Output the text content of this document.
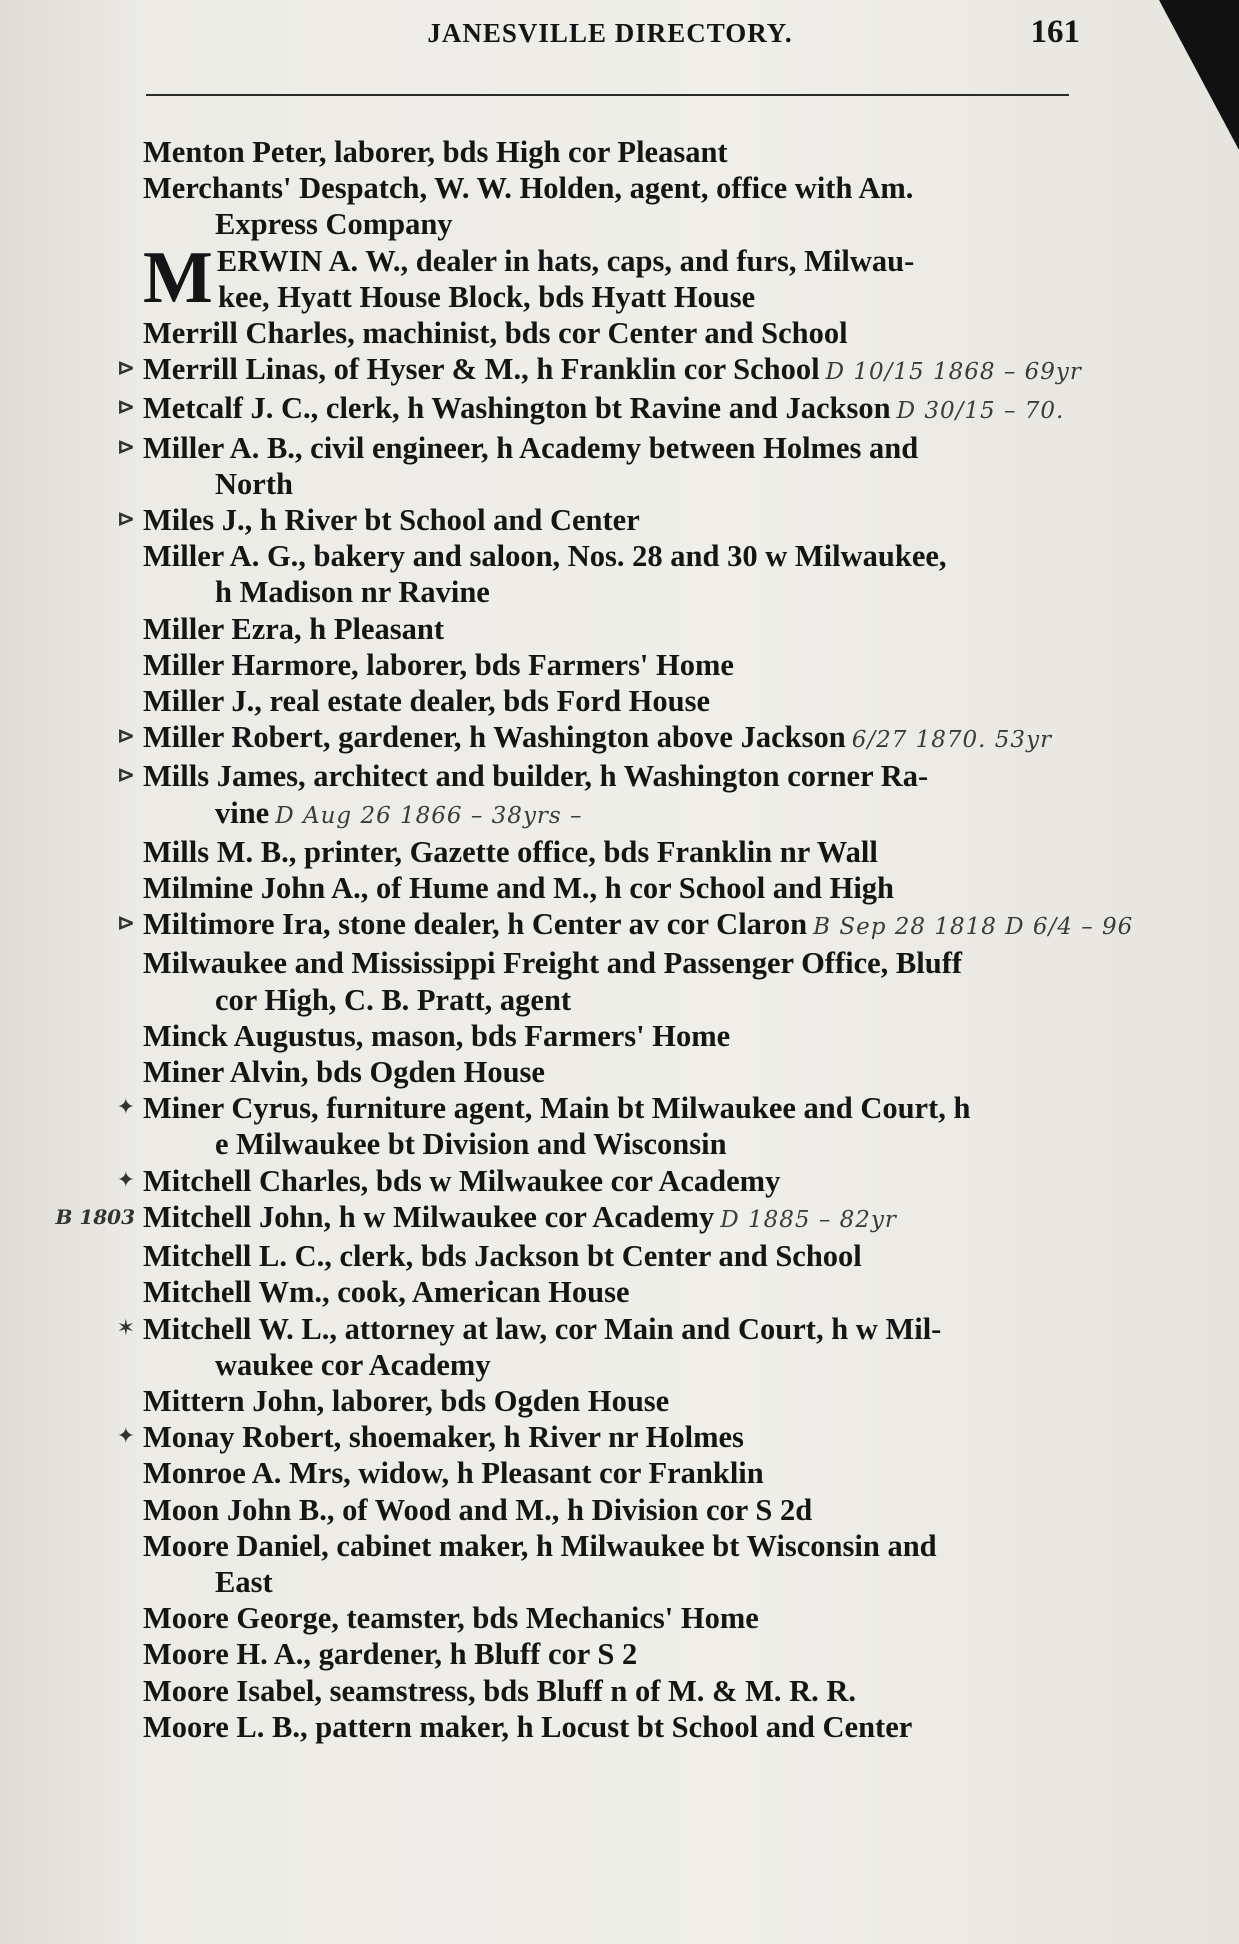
JANESVILLE DIRECTORY.	161
Menton Peter, laborer, bds High cor Pleasant
Merchants' Despatch, W. W. Holden, agent, office with Am.
Express Company
M ERWIN A. W., dealer in hats, caps, and furs, Milwau-
kee, Hyatt House Block, bds Hyatt House
Merrill Charles, machinist, bds cor Center and School
⊳ Merrill Linas, of Hyser & M., h Franklin cor School D 10/15 1868 – 69yr
⊳ Metcalf J. C., clerk, h Washington bt Ravine and Jackson D 30/15 – 70.
⊳ Miller A. B., civil engineer, h Academy between Holmes and
North
⊳ Miles J., h River bt School and Center
Miller A. G., bakery and saloon, Nos. 28 and 30 w Milwaukee,
h Madison nr Ravine
Miller Ezra, h Pleasant
Miller Harmore, laborer, bds Farmers' Home
Miller J., real estate dealer, bds Ford House
⊳ Miller Robert, gardener, h Washington above Jackson 6/27 1870. 53yr
⊳ Mills James, architect and builder, h Washington corner Ra-
vine D Aug 26 1866 – 38yrs –
Mills M. B., printer, Gazette office, bds Franklin nr Wall
Milmine John A., of Hume and M., h cor School and High
⊳ Miltimore Ira, stone dealer, h Center av cor Claron B Sep 28 1818 D 6/4 – 96
Milwaukee and Mississippi Freight and Passenger Office, Bluff
cor High, C. B. Pratt, agent
Minck Augustus, mason, bds Farmers' Home
Miner Alvin, bds Ogden House
✦ Miner Cyrus, furniture agent, Main bt Milwaukee and Court, h
e Milwaukee bt Division and Wisconsin
✦ Mitchell Charles, bds w Milwaukee cor Academy
B 1803 Mitchell John, h w Milwaukee cor Academy D 1885 – 82yr
Mitchell L. C., clerk, bds Jackson bt Center and School
Mitchell Wm., cook, American House
✶ Mitchell W. L., attorney at law, cor Main and Court, h w Mil-
waukee cor Academy
Mittern John, laborer, bds Ogden House
✦ Monay Robert, shoemaker, h River nr Holmes
Monroe A. Mrs, widow, h Pleasant cor Franklin
Moon John B., of Wood and M., h Division cor S 2d
Moore Daniel, cabinet maker, h Milwaukee bt Wisconsin and
East
Moore George, teamster, bds Mechanics' Home
Moore H. A., gardener, h Bluff cor S 2
Moore Isabel, seamstress, bds Bluff n of M. & M. R. R.
Moore L. B., pattern maker, h Locust bt School and Center
